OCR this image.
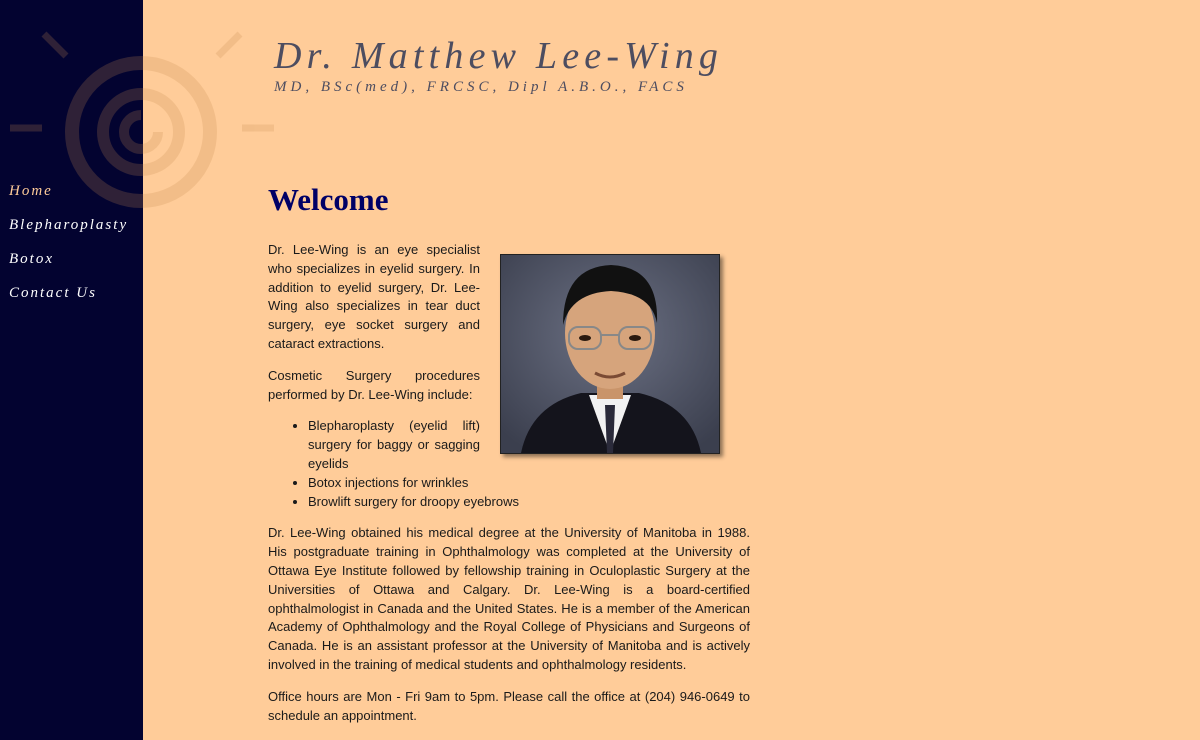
Home
Blepharoplasty
Botox
Contact Us
Dr. Matthew Lee-Wing
MD, BSc(med), FRCSC, Dipl A.B.O., FACS
Welcome

Dr. Lee-Wing is an eye specialist who specializes in eyelid surgery. In addition to eyelid surgery, Dr. Lee-Wing also specializes in tear duct surgery, eye socket surgery and cataract extractions.

Cosmetic Surgery procedures performed by Dr. Lee-Wing include:

• Blepharoplasty (eyelid lift) surgery for baggy or sagging eyelids
• Botox injections for wrinkles
• Browlift surgery for droopy eyebrows

Dr. Lee-Wing obtained his medical degree at the University of Manitoba in 1988. His postgraduate training in Ophthalmology was completed at the University of Ottawa Eye Institute followed by fellowship training in Oculoplastic Surgery at the Universities of Ottawa and Calgary. Dr. Lee-Wing is a board-certified ophthalmologist in Canada and the United States. He is a member of the American Academy of Ophthalmology and the Royal College of Physicians and Surgeons of Canada. He is an assistant professor at the University of Manitoba and is actively involved in the training of medical students and ophthalmology residents.

Office hours are Mon - Fri 9am to 5pm. Please call the office at (204) 946-0649 to schedule an appointment.
